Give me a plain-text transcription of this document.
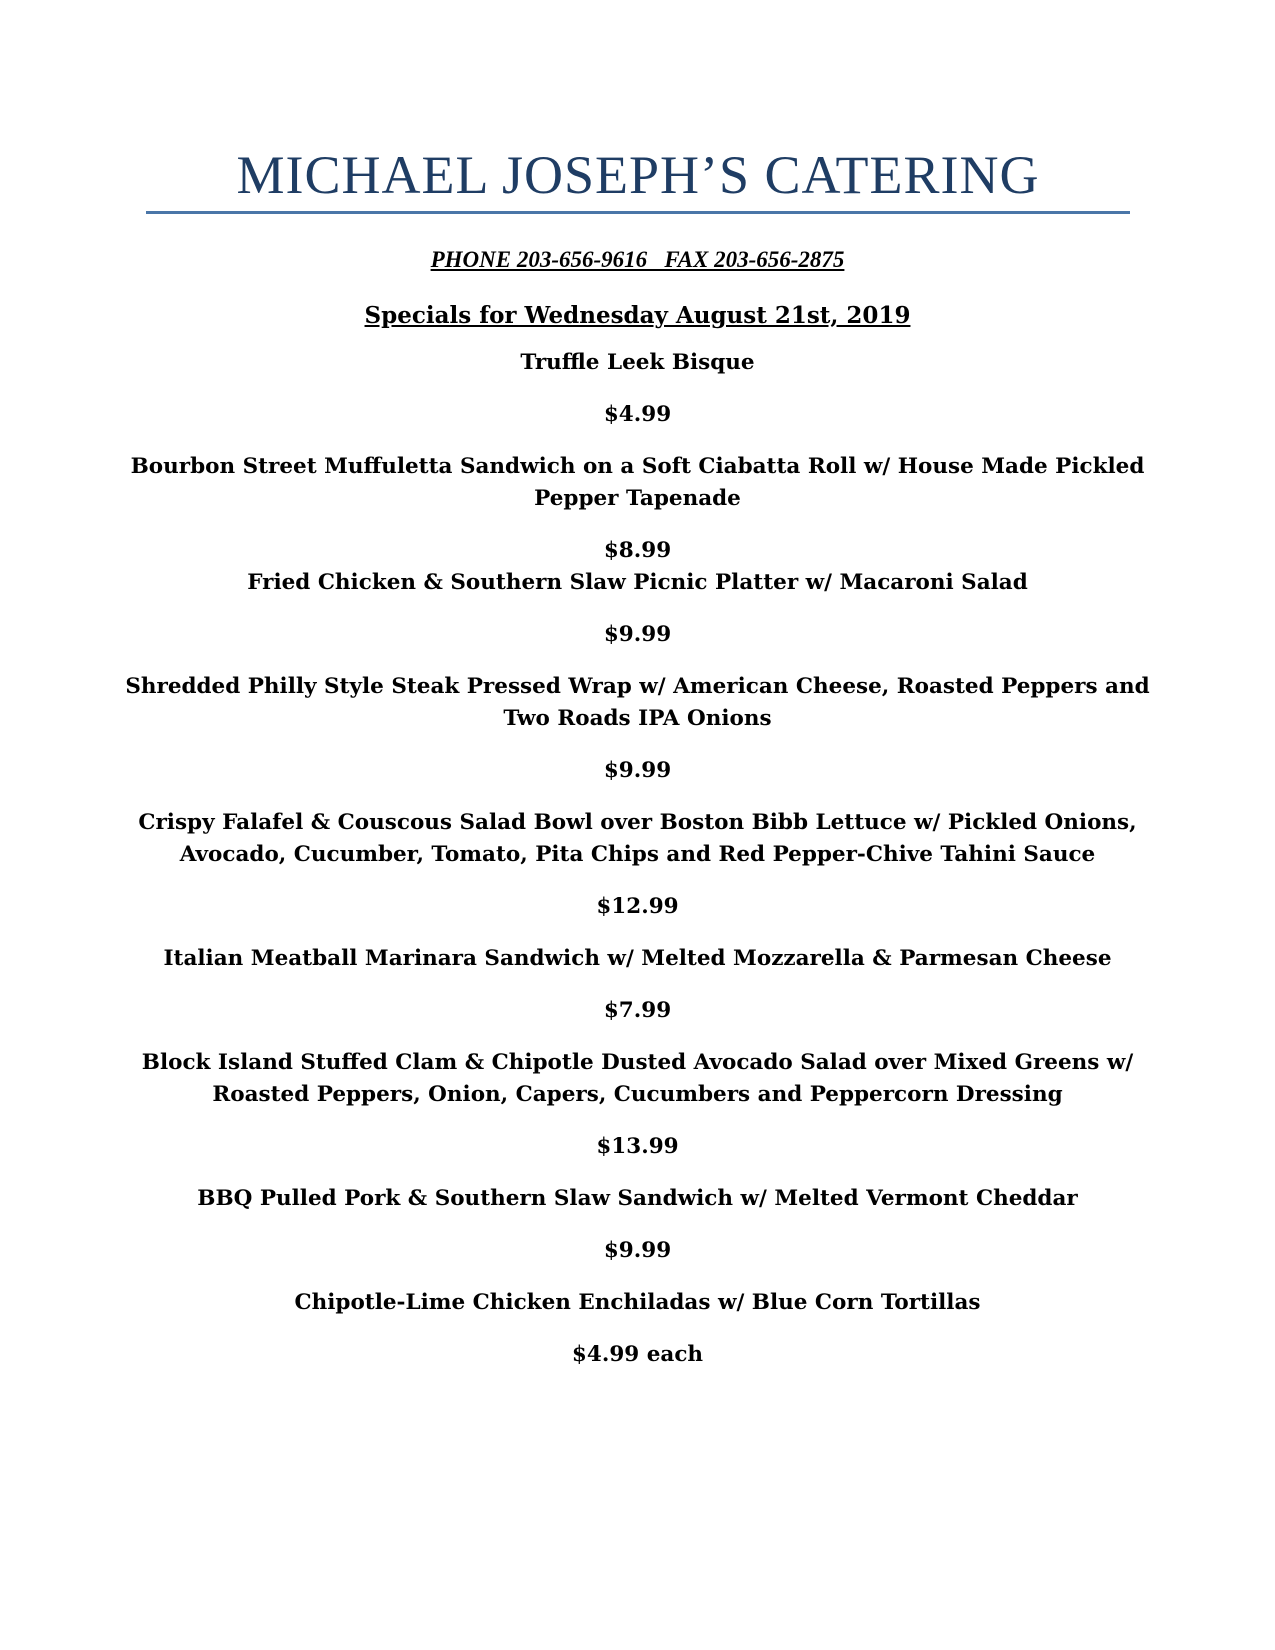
MICHAEL JOSEPH’S CATERING
PHONE 203-656-9616   FAX 203-656-2875
Specials for Wednesday August 21st, 2019
Truffle Leek Bisque
$4.99
Bourbon Street Muffuletta Sandwich on a Soft Ciabatta Roll w/ House Made Pickled
Pepper Tapenade
$8.99
Fried Chicken & Southern Slaw Picnic Platter w/ Macaroni Salad
$9.99
Shredded Philly Style Steak Pressed Wrap w/ American Cheese, Roasted Peppers and
Two Roads IPA Onions
$9.99
Crispy Falafel & Couscous Salad Bowl over Boston Bibb Lettuce w/ Pickled Onions,
Avocado, Cucumber, Tomato, Pita Chips and Red Pepper-Chive Tahini Sauce
$12.99
Italian Meatball Marinara Sandwich w/ Melted Mozzarella & Parmesan Cheese
$7.99
Block Island Stuffed Clam & Chipotle Dusted Avocado Salad over Mixed Greens w/
Roasted Peppers, Onion, Capers, Cucumbers and Peppercorn Dressing
$13.99
BBQ Pulled Pork & Southern Slaw Sandwich w/ Melted Vermont Cheddar
$9.99
Chipotle-Lime Chicken Enchiladas w/ Blue Corn Tortillas
$4.99 each
